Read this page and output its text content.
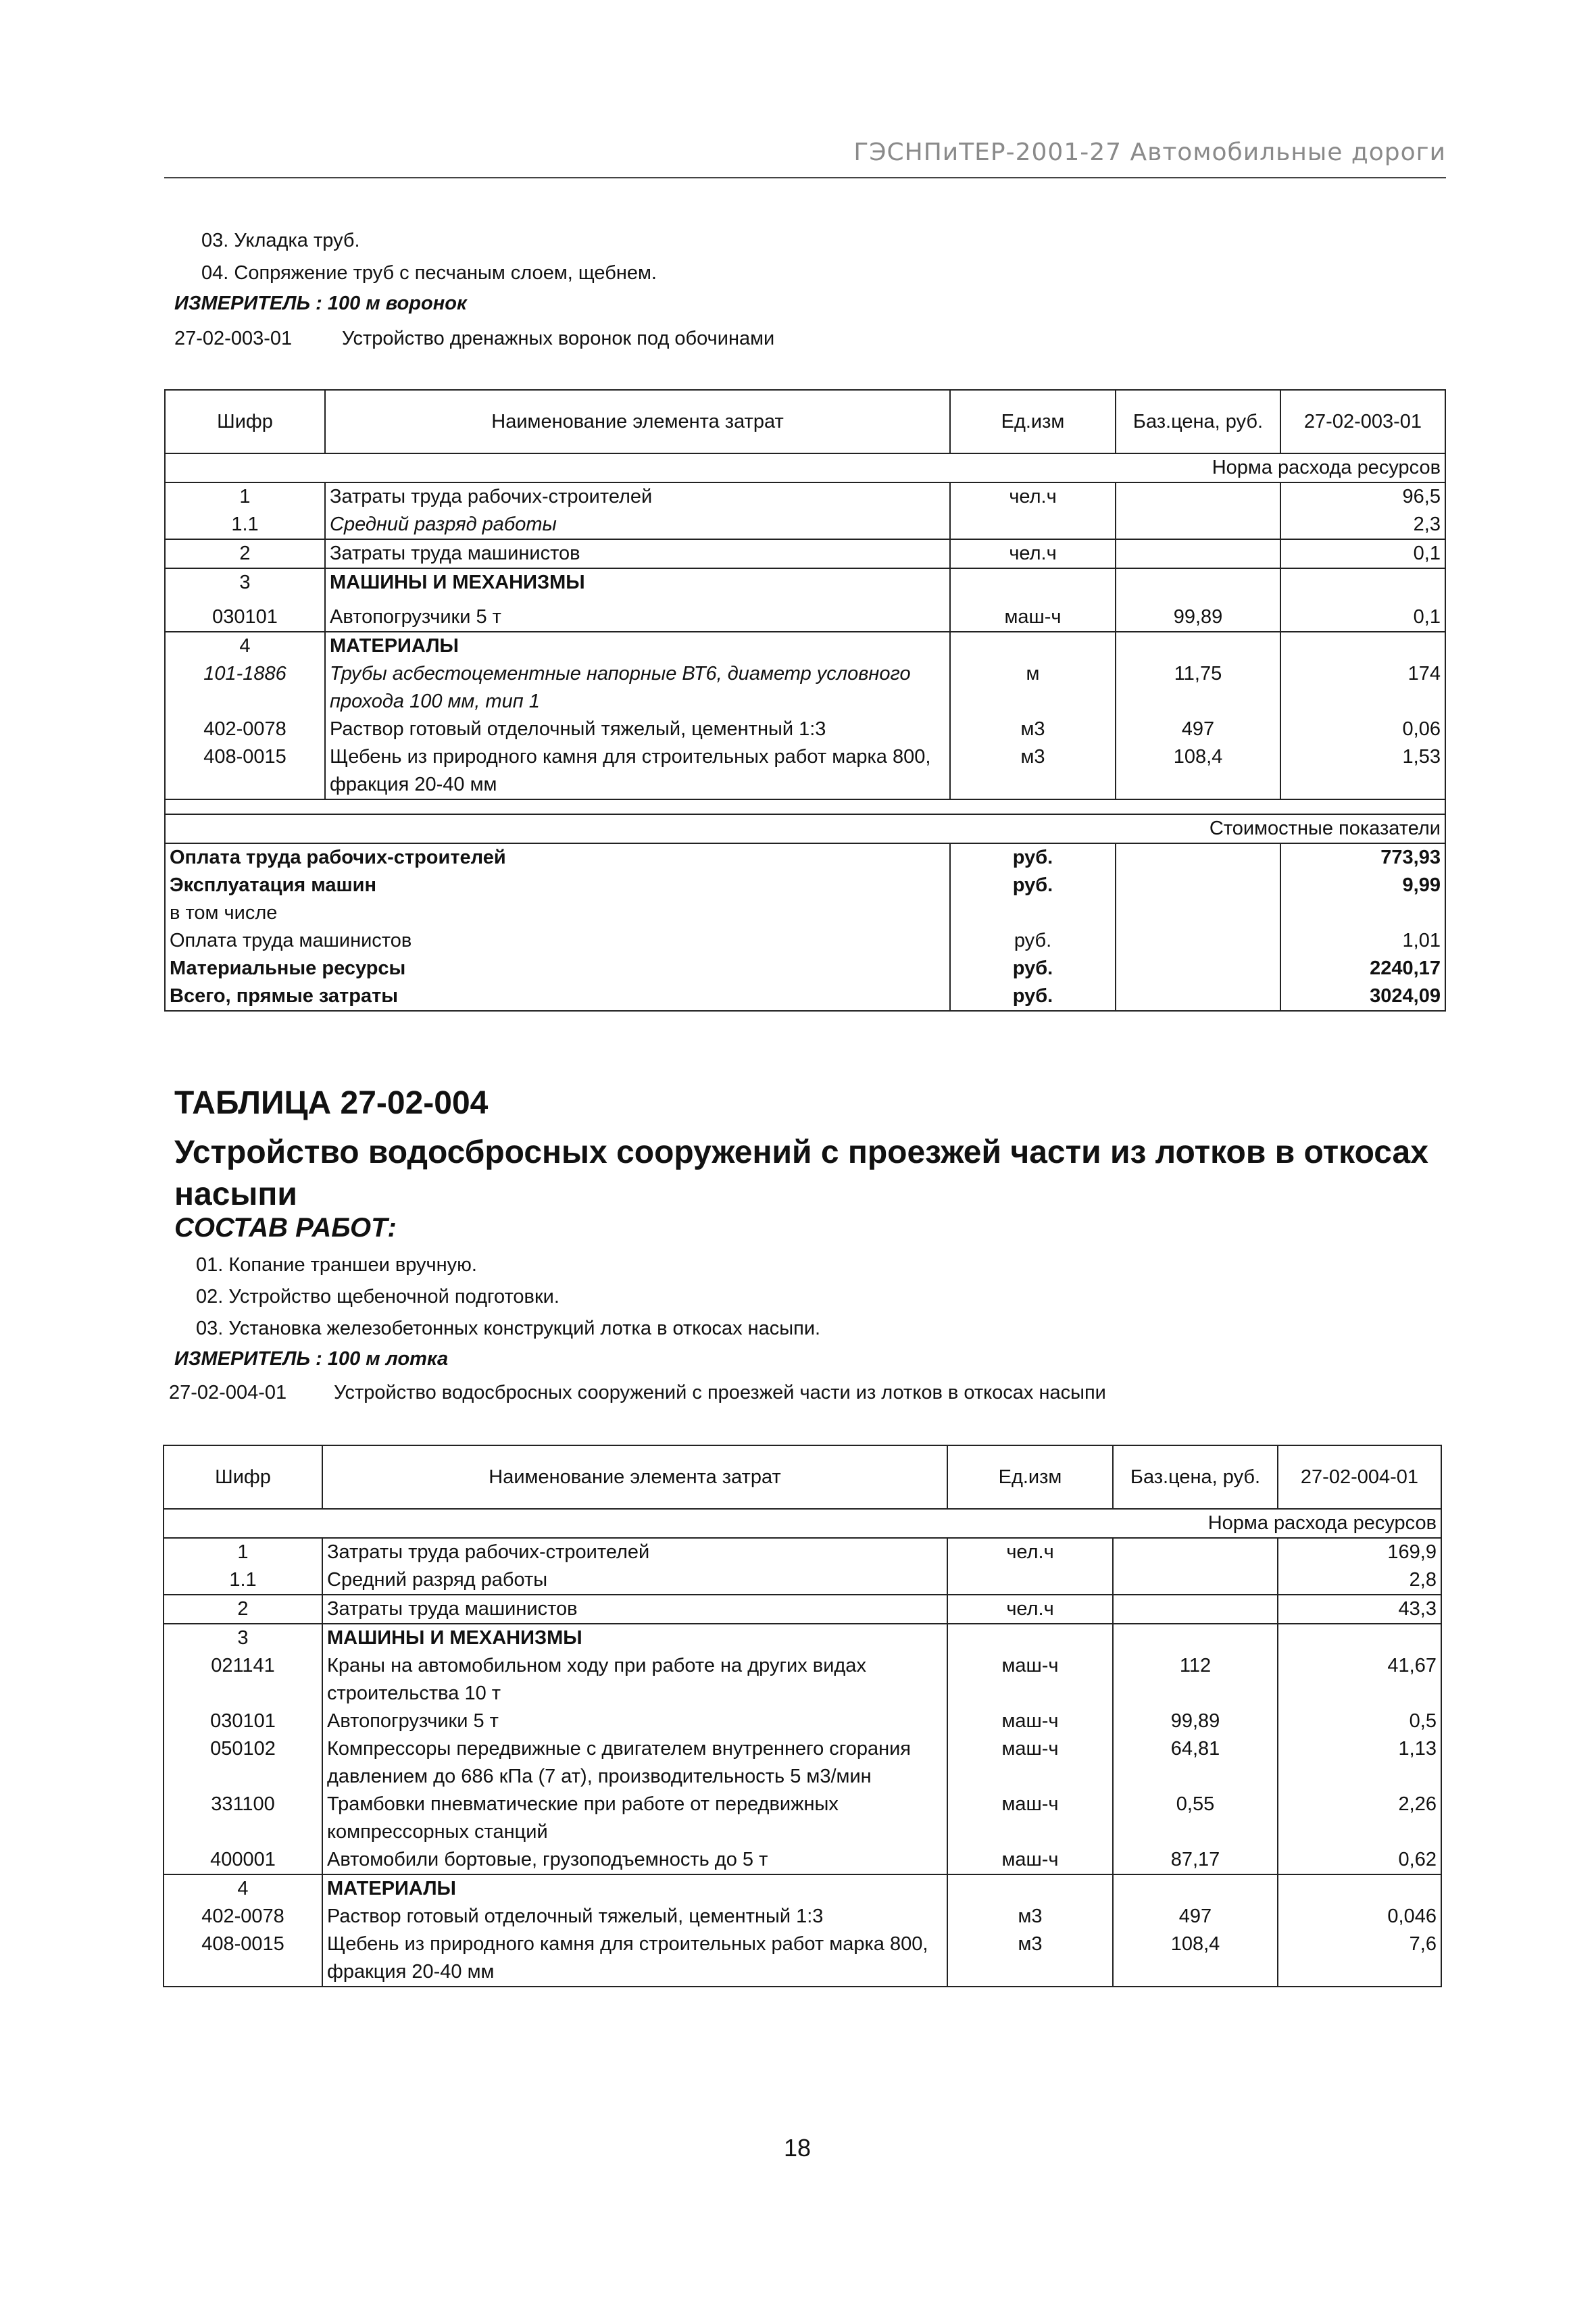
ГЭСНПиТЕР-2001-27 Автомобильные дороги
03. Укладка труб.
04. Сопряжение труб с песчаным слоем, щебнем.
ИЗМЕРИТЕЛЬ : 100 м воронок
27-02-003-01	Устройство дренажных воронок под обочинами
Шифр	Наименование элемента затрат	Ед.изм	Баз.цена, руб.	27-02-003-01
Норма расхода ресурсов				
1	Затраты труда рабочих-строителей	чел.ч		96,5
1.1	Средний разряд работы			2,3
2	Затраты труда машинистов	чел.ч		0,1
3	МАШИНЫ И МЕХАНИЗМЫ			
030101	Автопогрузчики 5 т	маш-ч	99,89	0,1
4	МАТЕРИАЛЫ			
101-1886	Трубы асбестоцементные напорные ВТ6, диаметр условного прохода 100 мм, тип 1	м	11,75	174
402-0078	Раствор готовый отделочный тяжелый, цементный 1:3	м3	497	0,06
408-0015	Щебень из природного камня для строительных работ марка 800, фракция 20-40 мм	м3	108,4	1,53

Стоимостные показатели				
Оплата труда рабочих-строителей		руб.		773,93
Эксплуатация машин		руб.		9,99
в том числе				
Оплата труда машинистов		руб.		1,01
Материальные ресурсы		руб.		2240,17
Всего, прямые затраты		руб.		3024,09
ТАБЛИЦА 27-02-004
Устройство водосбросных сооружений с проезжей части из лотков в откосах насыпи
СОСТАВ РАБОТ:
01. Копание траншеи вручную.
02. Устройство щебеночной подготовки.
03. Установка железобетонных конструкций лотка в откосах насыпи.
ИЗМЕРИТЕЛЬ : 100 м лотка
27-02-004-01 Устройство водосбросных сооружений с проезжей части из лотков в откосах насыпи
Шифр	Наименование элемента затрат	Ед.изм	Баз.цена, руб.	27-02-004-01
Норма расхода ресурсов				
1	Затраты труда рабочих-строителей	чел.ч		169,9
1.1	Средний разряд работы			2,8
2	Затраты труда машинистов	чел.ч		43,3
3	МАШИНЫ И МЕХАНИЗМЫ			
021141	Краны на автомобильном ходу при работе на других видах строительства 10 т	маш-ч	112	41,67
030101	Автопогрузчики 5 т	маш-ч	99,89	0,5
050102	Компрессоры передвижные с двигателем внутреннего сгорания давлением до 686 кПа (7 ат), производительность 5 м3/мин	маш-ч	64,81	1,13
331100	Трамбовки пневматические при работе от передвижных компрессорных станций	маш-ч	0,55	2,26
400001	Автомобили бортовые, грузоподъемность до 5 т	маш-ч	87,17	0,62
4	МАТЕРИАЛЫ			
402-0078	Раствор готовый отделочный тяжелый, цементный 1:3	м3	497	0,046
408-0015	Щебень из природного камня для строительных работ марка 800, фракция 20-40 мм	м3	108,4	7,6
18
